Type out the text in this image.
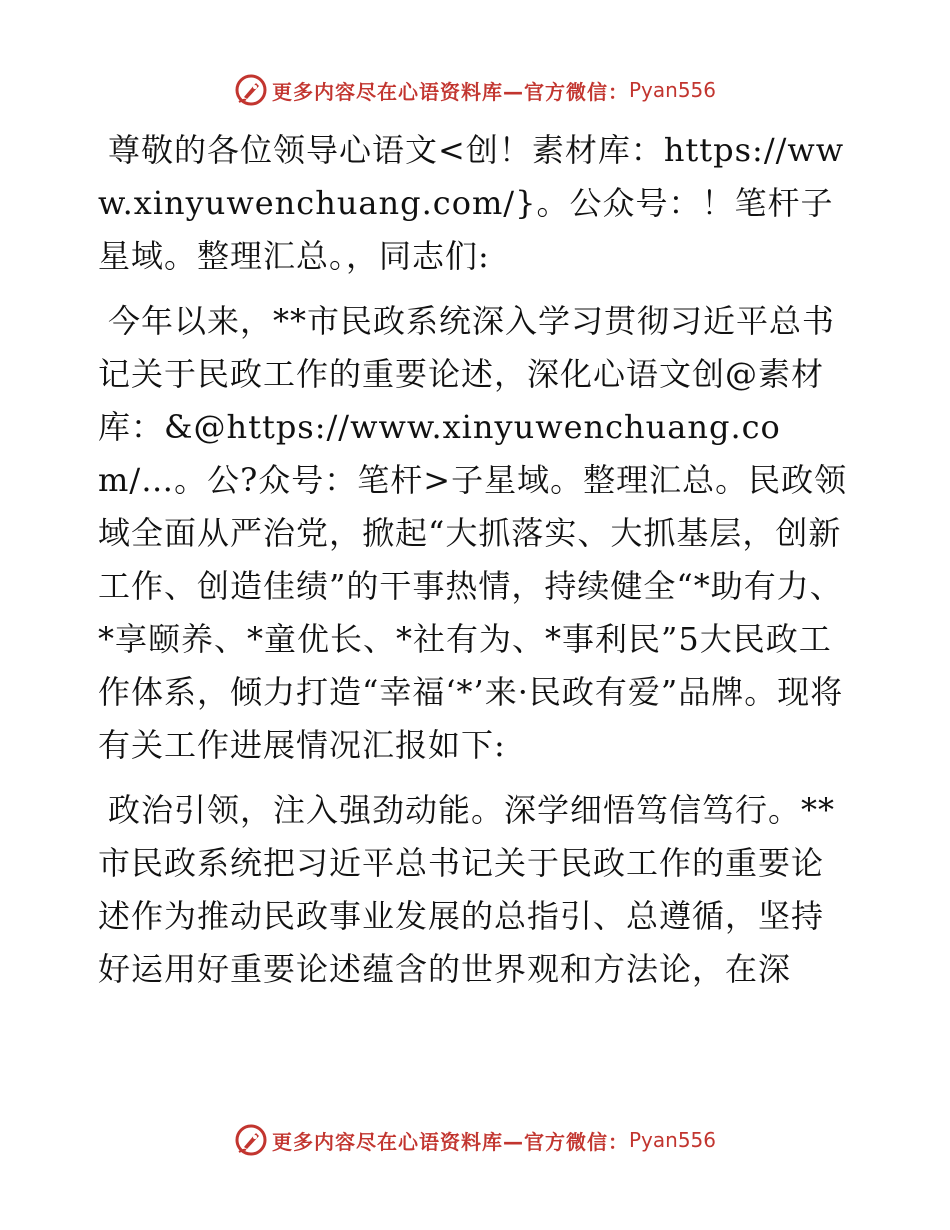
更多内容尽在心语资料库—官方微信： Pyan556

尊敬的各位领导心语文<创！素材库：https://www.xinyuwenchuang.com/}。公众号：！笔杆子星域。整理汇总。，同志们:

今年以来，**市民政系统深入学习贯彻习近平总书记关于民政工作的重要论述，深化心语文创@素材库：&@https://www.xinyuwenchuang.com/…。公?众号：笔杆>子星域。整理汇总。民政领域全面从严治党，掀起“大抓落实、大抓基层，创新工作、创造佳绩”的干事热情，持续健全“*助有力、*享颐养、*童优长、*社有为、*事利民”5大民政工作体系，倾力打造“幸福‘*’来·民政有爱”品牌。现将有关工作进展情况汇报如下:

政治引领，注入强劲动能。深学细悟笃信笃行。**市民政系统把习近平总书记关于民政工作的重要论述作为推动民政事业发展的总指引、总遵循，坚持好运用好重要论述蕴含的世界观和方法论，在深

更多内容尽在心语资料库—官方微信： Pyan556
